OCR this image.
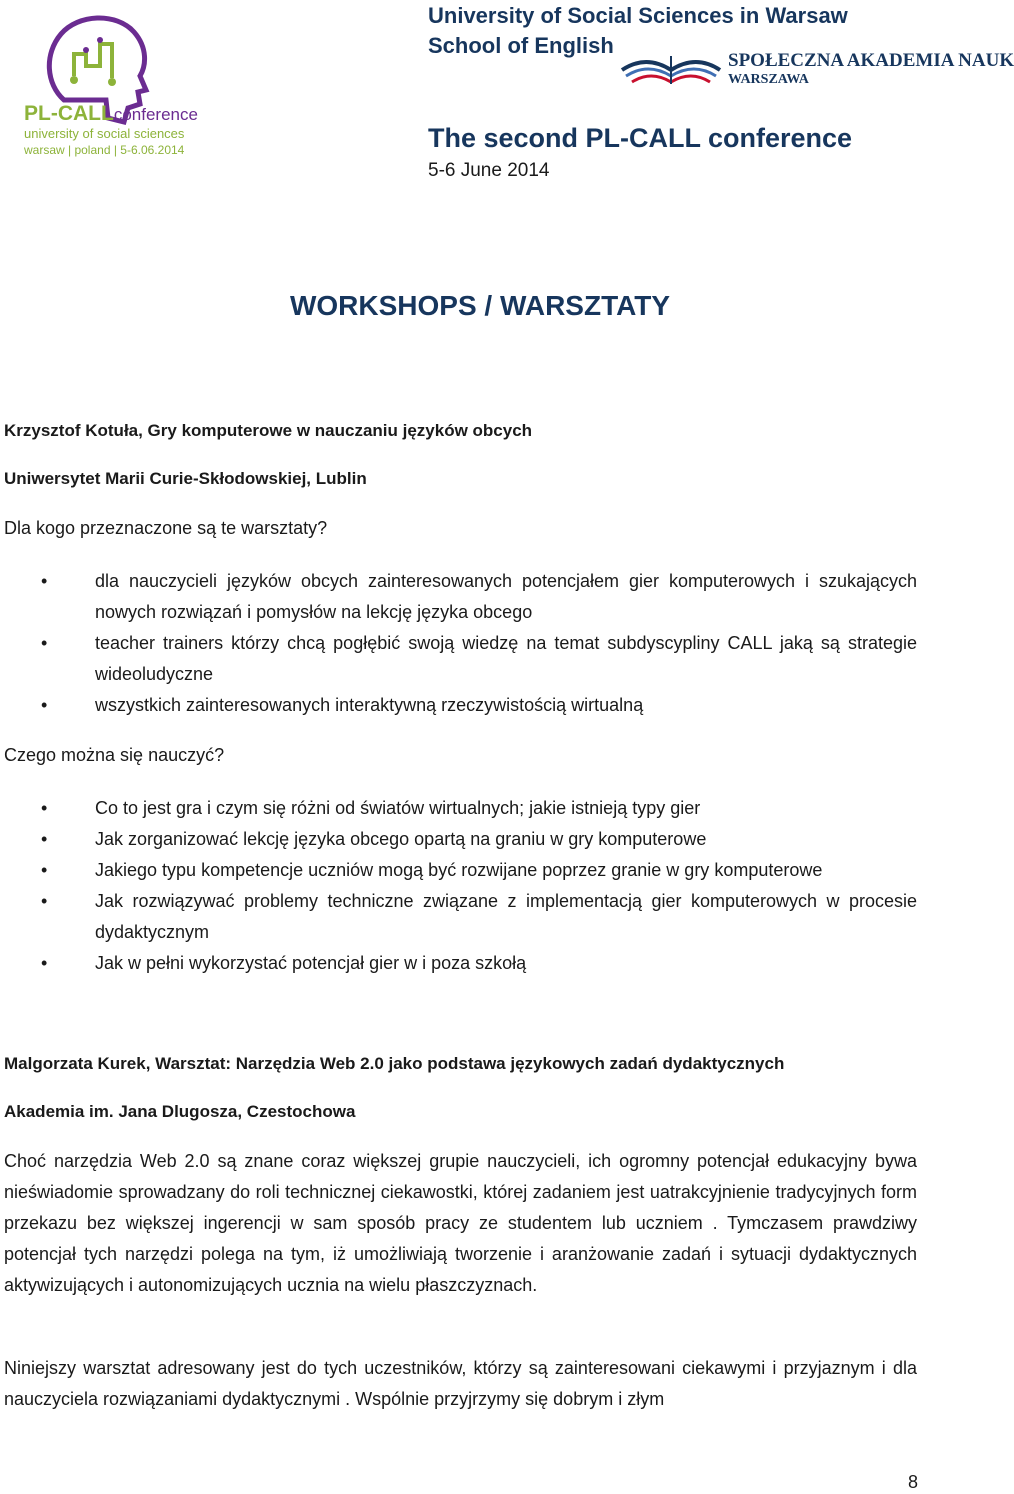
PL-CALLconference
university of social sciences
warsaw | poland | 5-6.06.2014
University of Social Sciences in Warsaw
School of English
SPOŁECZNA AKADEMIA NAUK
WARSZAWA
The second PL-CALL conference
5-6 June 2014
WORKSHOPS / WARSZTATY
Krzysztof Kotuła, Gry komputerowe w nauczaniu języków obcych
Uniwersytet Marii Curie-Skłodowskiej, Lublin
Dla kogo przeznaczone są te warsztaty?
•	dla nauczycieli języków obcych zainteresowanych potencjałem gier komputerowych i szukających nowych rozwiązań i pomysłów na lekcję języka obcego
•	teacher trainers którzy chcą pogłębić swoją wiedzę na temat subdyscypliny CALL jaką są strategie wideoludyczne
•	wszystkich zainteresowanych interaktywną rzeczywistością wirtualną
Czego można się nauczyć?
•	Co to jest gra i czym się różni od światów wirtualnych; jakie istnieją typy gier
•	Jak zorganizować lekcję języka obcego opartą na graniu w gry komputerowe
•	Jakiego typu kompetencje uczniów mogą być rozwijane poprzez granie w gry komputerowe
•	Jak rozwiązywać problemy techniczne związane z implementacją gier komputerowych w procesie dydaktycznym
•	Jak w pełni wykorzystać potencjał gier w i poza szkołą
Malgorzata Kurek, Warsztat: Narzędzia Web 2.0 jako podstawa językowych zadań dydaktycznych
Akademia im. Jana Dlugosza, Czestochowa
Choć narzędzia Web 2.0 są znane coraz większej grupie nauczycieli, ich ogromny potencjał edukacyjny bywa nieświadomie sprowadzany do roli technicznej ciekawostki, której zadaniem jest uatrakcyjnienie tradycyjnych form przekazu bez większej ingerencji w sam sposób pracy ze studentem lub uczniem . Tymczasem prawdziwy potencjał tych narzędzi polega na tym, iż umożliwiają tworzenie i aranżowanie zadań i sytuacji dydaktycznych aktywizujących i autonomizujących ucznia na wielu płaszczyznach.
Niniejszy warsztat adresowany jest do tych uczestników, którzy są zainteresowani ciekawymi i przyjaznym i dla nauczyciela rozwiązaniami dydaktycznymi . Wspólnie przyjrzymy się dobrym i złym
8
